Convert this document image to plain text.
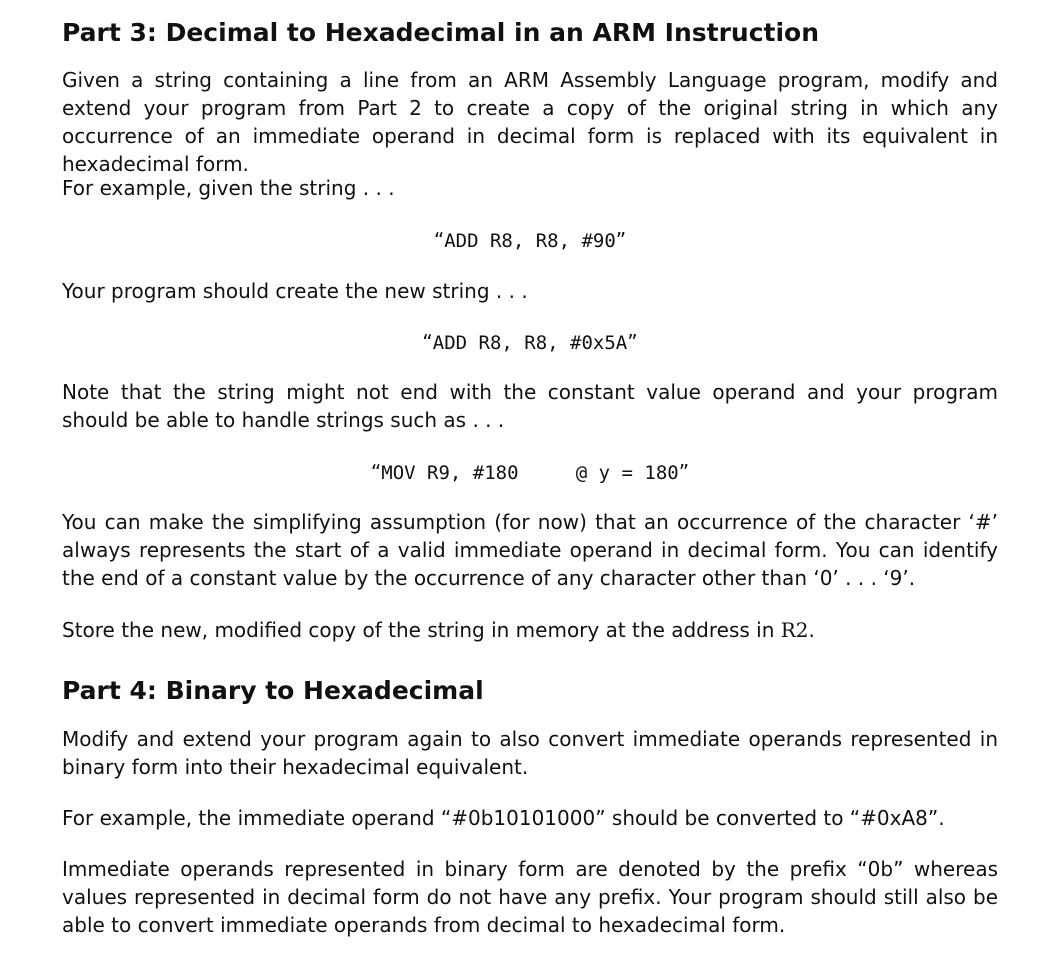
Part 3: Decimal to Hexadecimal in an ARM Instruction

Given a string containing a line from an ARM Assembly Language program, modify and extend your program from Part 2 to create a copy of the original string in which any occurrence of an immediate operand in decimal form is replaced with its equivalent in hexadecimal form.

For example, given the string . . .

“ADD R8, R8, #90”

Your program should create the new string . . .

“ADD R8, R8, #0x5A”

Note that the string might not end with the constant value operand and your program should be able to handle strings such as . . .

“MOV R9, #180     @ y = 180”

You can make the simplifying assumption (for now) that an occurrence of the character ‘#’ always represents the start of a valid immediate operand in decimal form. You can identify the end of a constant value by the occurrence of any character other than ‘0’ . . . ‘9’.

Store the new, modified copy of the string in memory at the address in R2.

Part 4: Binary to Hexadecimal

Modify and extend your program again to also convert immediate operands represented in binary form into their hexadecimal equivalent.

For example, the immediate operand “#0b10101000” should be converted to “#0xA8”.

Immediate operands represented in binary form are denoted by the prefix “0b” whereas values represented in decimal form do not have any prefix. Your program should still also be able to convert immediate operands from decimal to hexadecimal form.
